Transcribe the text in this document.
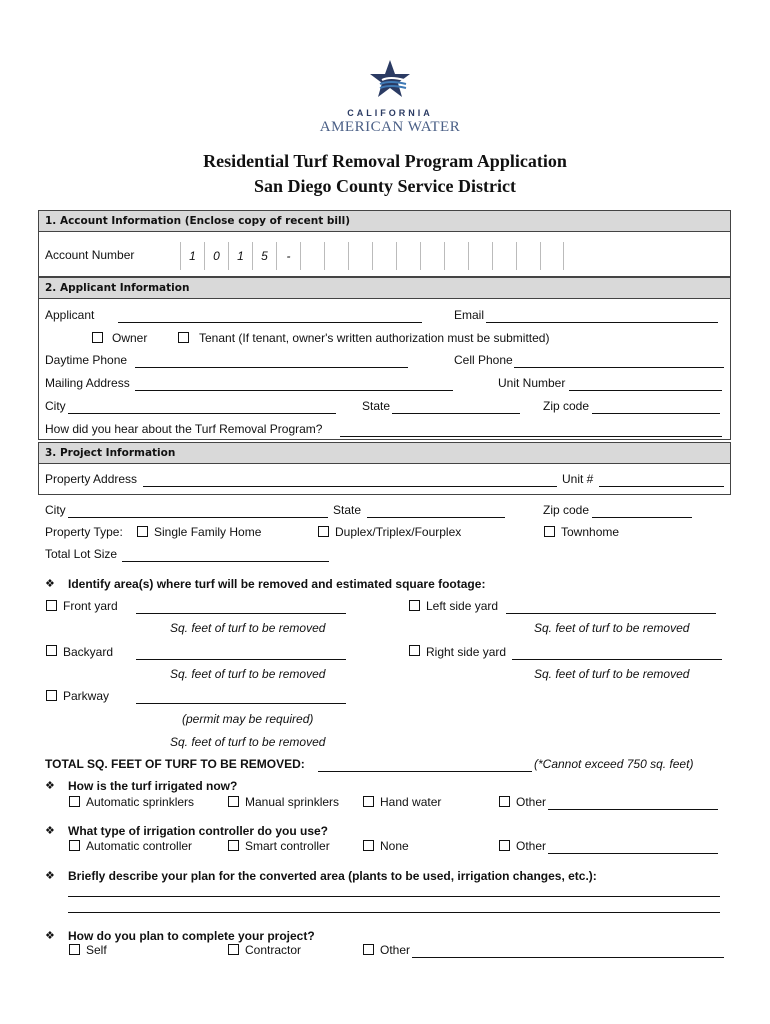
CALIFORNIA
AMERICAN WATER
Residential Turf Removal Program Application
San Diego County Service District
1. Account Information (Enclose copy of recent bill)
Account Number	1	0	1	5	-
2. Applicant Information
Applicant	Email
Owner	Tenant (If tenant, owner's written authorization must be submitted)
Daytime Phone	Cell Phone
Mailing Address	Unit Number
City	State	Zip code
How did you hear about the Turf Removal Program?
3. Project Information
Property Address	Unit #
City	State	Zip code
Property Type:	Single Family Home	Duplex/Triplex/Fourplex	Townhome
Total Lot Size
❖ Identify area(s) where turf will be removed and estimated square footage:
Front yard	Left side yard
Sq. feet of turf to be removed	Sq. feet of turf to be removed
Backyard	Right side yard
Sq. feet of turf to be removed	Sq. feet of turf to be removed
Parkway
(permit may be required)
Sq. feet of turf to be removed
TOTAL SQ. FEET OF TURF TO BE REMOVED:	(*Cannot exceed 750 sq. feet)
❖ How is the turf irrigated now?
Automatic sprinklers	Manual sprinklers	Hand water	Other
❖ What type of irrigation controller do you use?
Automatic controller	Smart controller	None	Other
❖ Briefly describe your plan for the converted area (plants to be used, irrigation changes, etc.):
❖ How do you plan to complete your project?
Self	Contractor	Other
